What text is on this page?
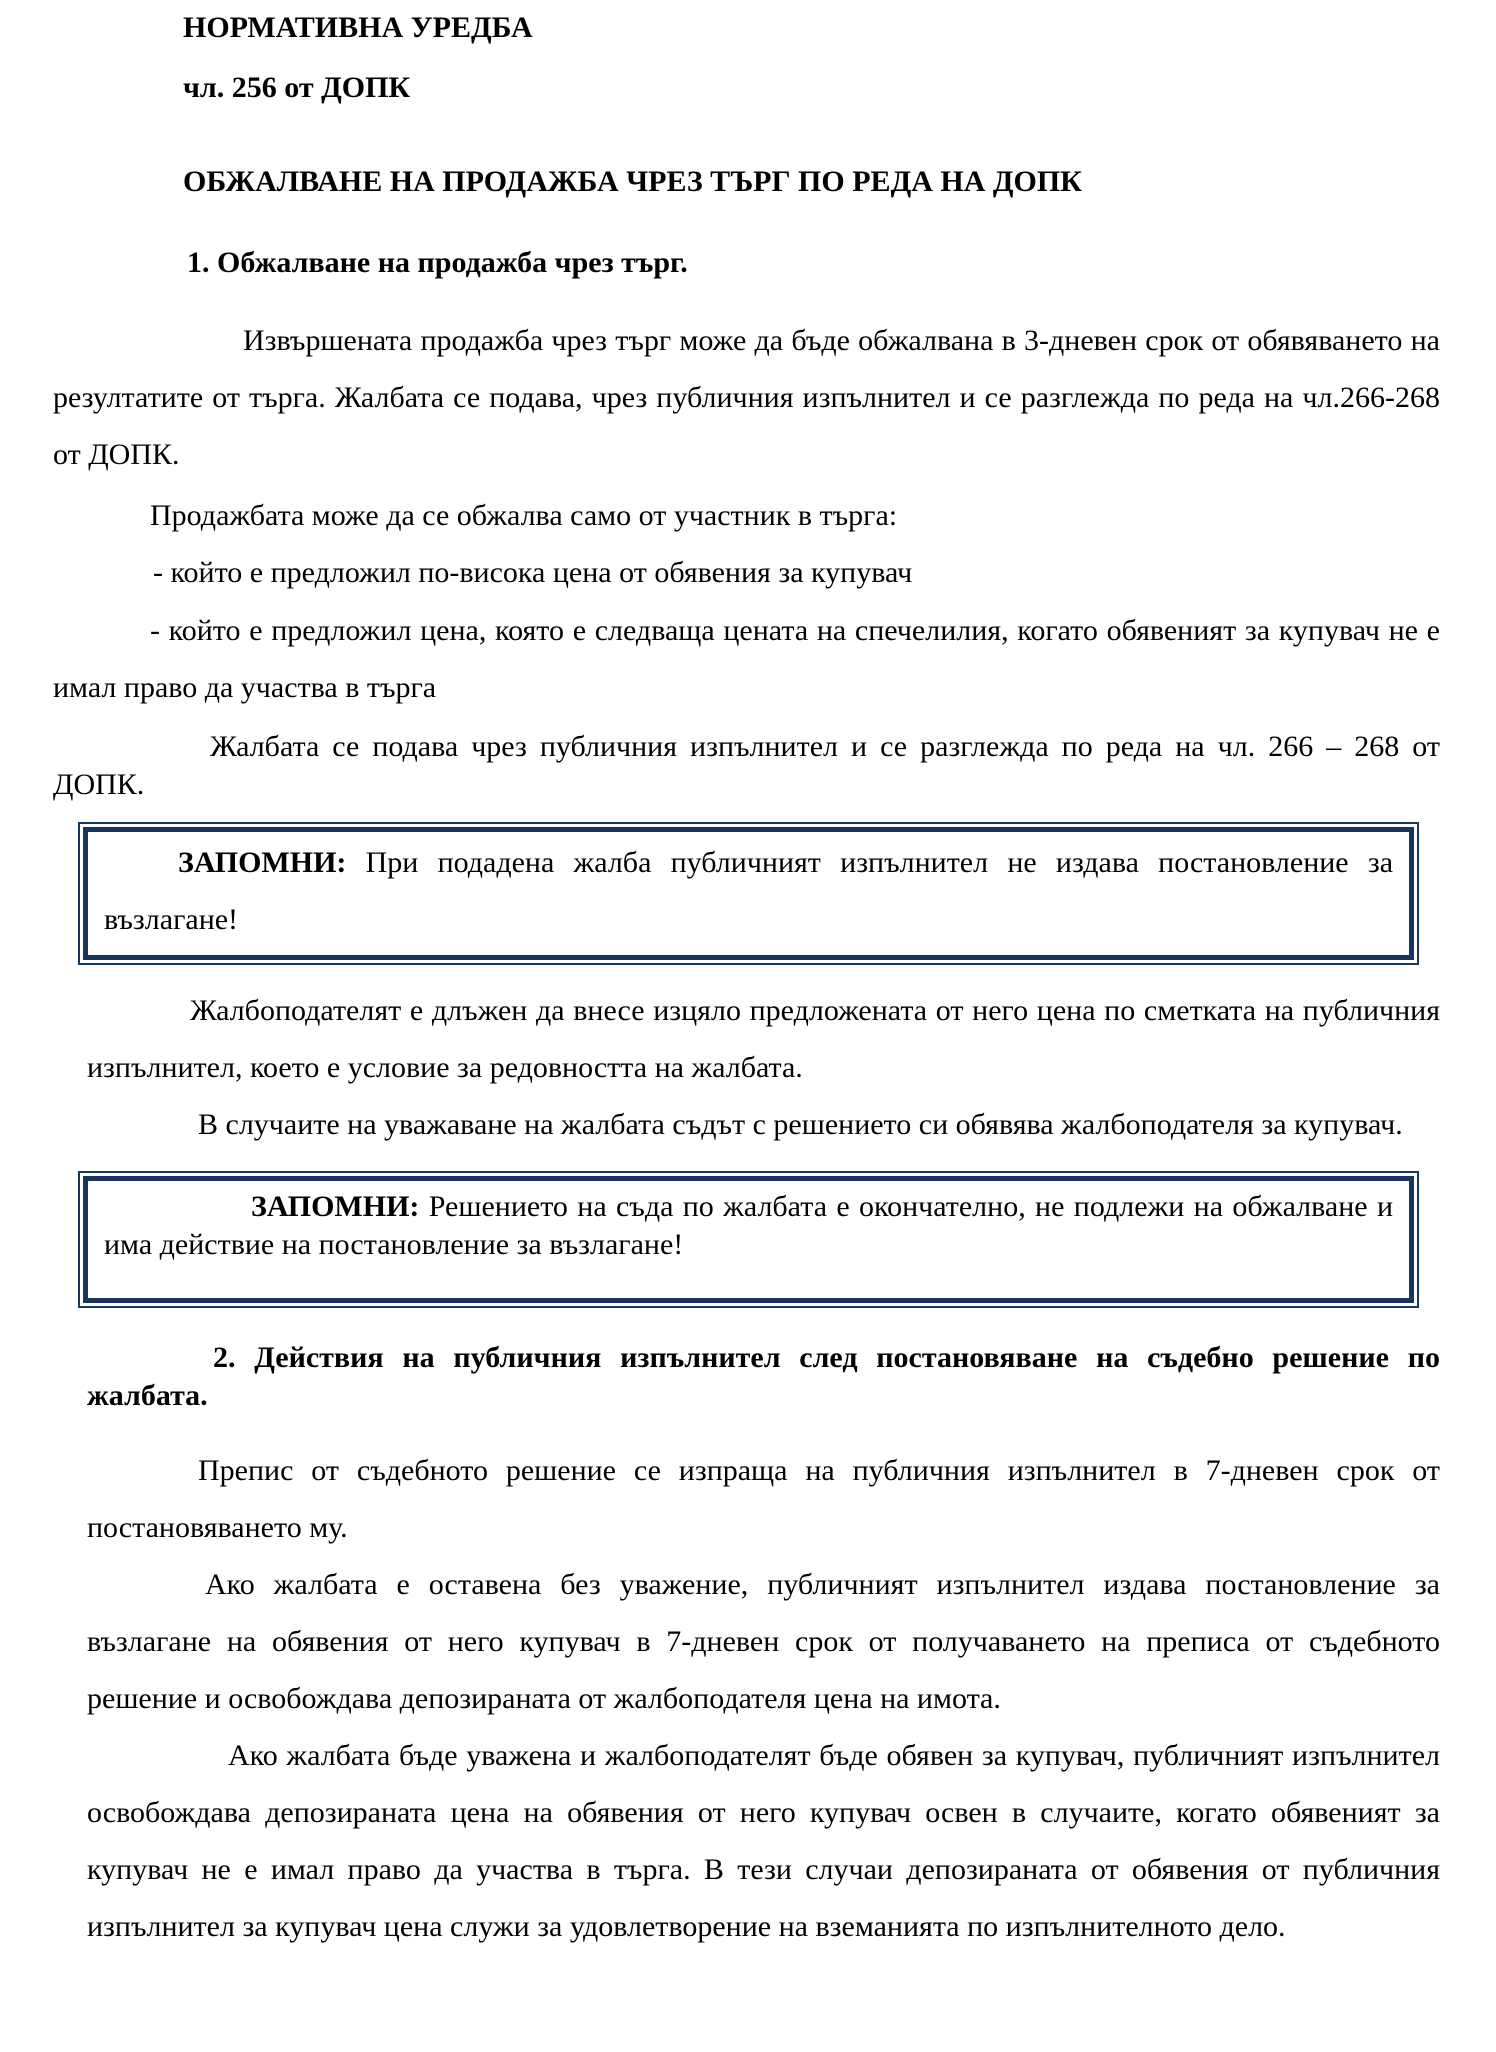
НОРМАТИВНА УРЕДБА

чл. 256 от ДОПК

ОБЖАЛВАНЕ НА ПРОДАЖБА ЧРЕЗ ТЪРГ ПО РЕДА НА ДОПК

1. Обжалване на продажба чрез търг.

Извършената продажба чрез търг може да бъде обжалвана в 3-дневен срок от обявяването на резултатите от търга. Жалбата се подава, чрез публичния изпълнител и се разглежда по реда на чл.266-268 от ДОПК.

Продажбата може да се обжалва само от участник в търга:

- който е предложил по-висока цена от обявения за купувач

- който е предложил цена, която е следваща цената на спечелилия, когато обявеният за купувач не е имал право да участва в търга

Жалбата се подава чрез публичния изпълнител и се разглежда по реда на чл. 266 – 268 от ДОПК.

ЗАПОМНИ: При подадена жалба публичният изпълнител не издава постановление за възлагане!

Жалбоподателят е длъжен да внесе изцяло предложената от него цена по сметката на публичния изпълнител, което е условие за редовността на жалбата.

В случаите на уважаване на жалбата съдът с решението си обявява жалбоподателя за купувач.

ЗАПОМНИ: Решението на съда по жалбата е окончателно, не подлежи на обжалване и има действие на постановление за възлагане!

2. Действия на публичния изпълнител след постановяване на съдебно решение по жалбата.

Препис от съдебното решение се изпраща на публичния изпълнител в 7-дневен срок от постановяването му.

Ако жалбата е оставена без уважение, публичният изпълнител издава постановление за възлагане на обявения от него купувач в 7-дневен срок от получаването на преписа от съдебното решение и освобождава депозираната от жалбоподателя цена на имота.

Ако жалбата бъде уважена и жалбоподателят бъде обявен за купувач, публичният изпълнител освобождава депозираната цена на обявения от него купувач освен в случаите, когато обявеният за купувач не е имал право да участва в търга. В тези случаи депозираната от обявения от публичния изпълнител за купувач цена служи за удовлетворение на вземанията по изпълнителното дело.
